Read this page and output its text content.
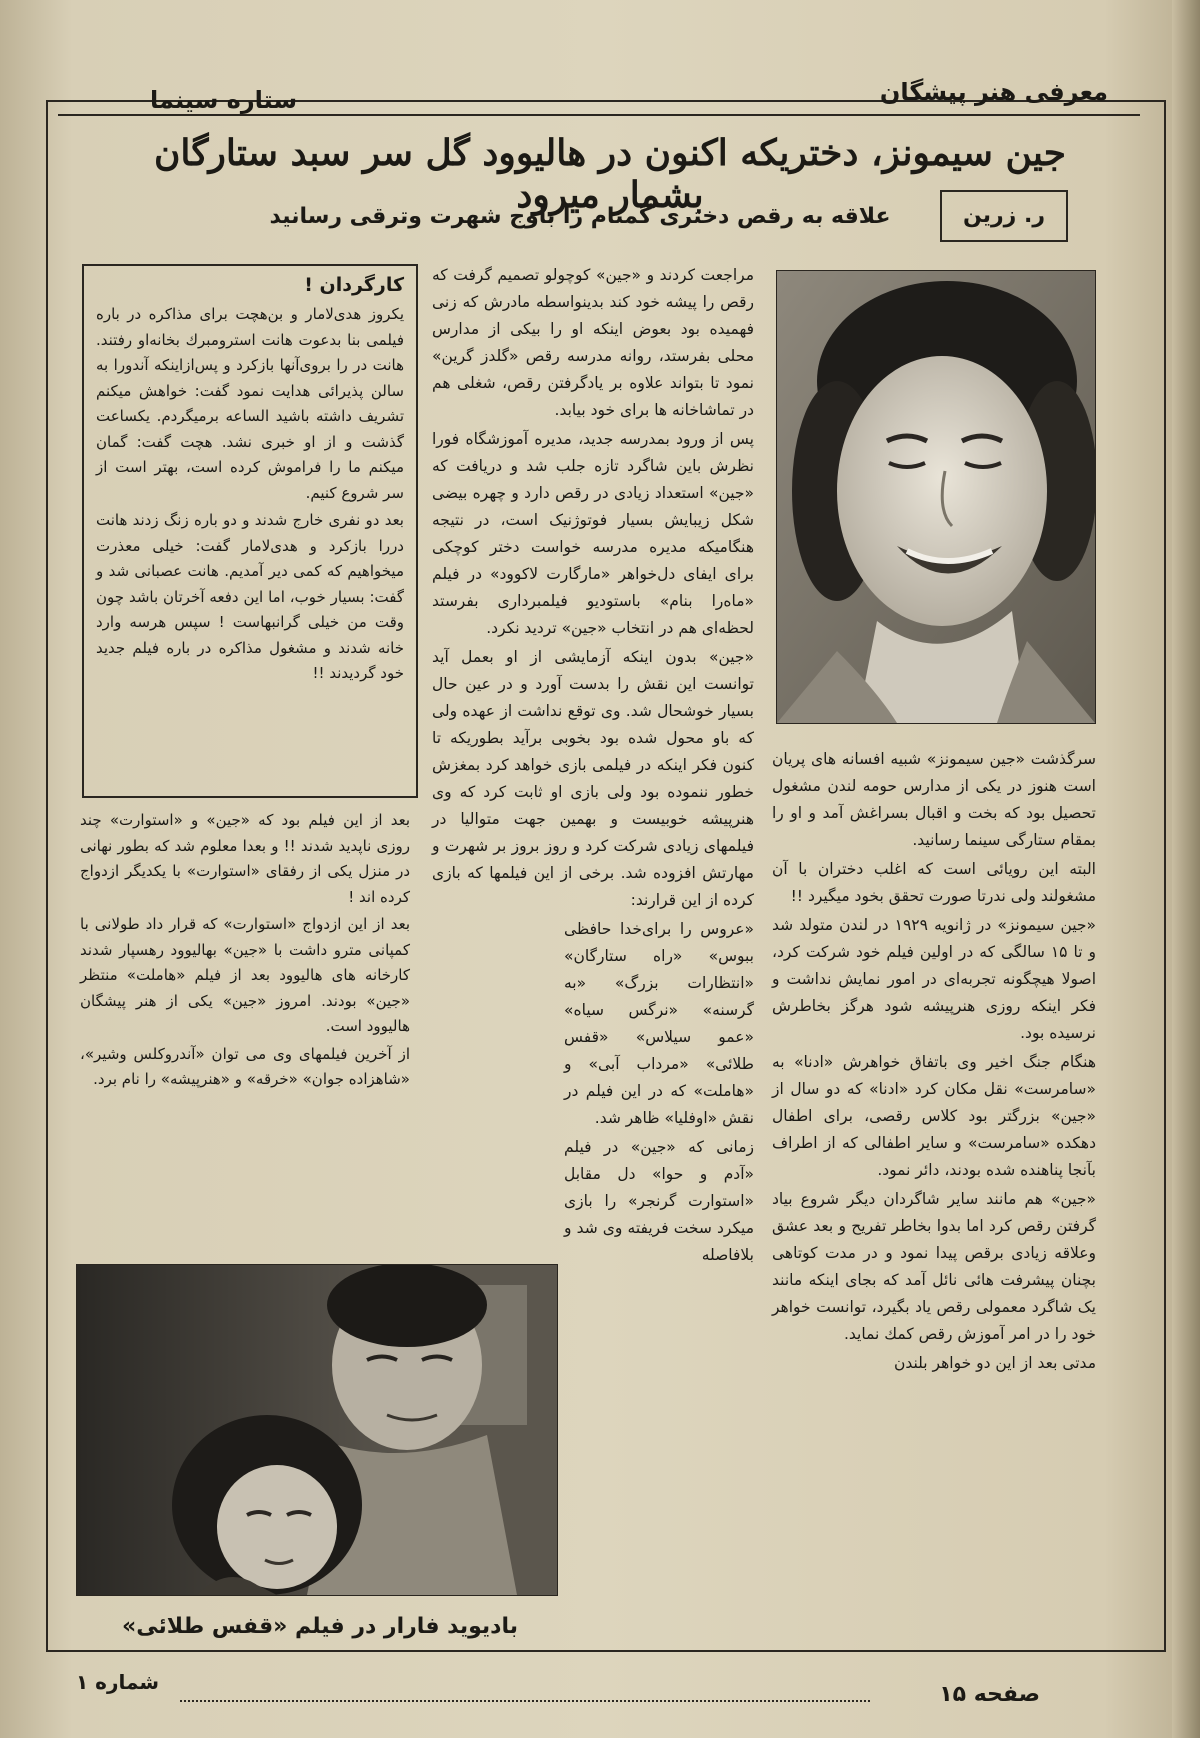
معرفی هنر پیشگان
ستاره سینما
جین سیمونز، دختریکه اکنون در هالیوود گل سر سبد ستارگان بشمار میرود	ر. زرین
علاقه به رقص دختری گمنام را باوج شهرت وترقی رسانید
کارگردان !

یکروز هدی‌لامار و بن‌هچت برای مذاکره در باره فیلمی بنا بدعوت هانت استرومبرك بخانه‌او رفتند. هانت در را بروی‌آنها بازکرد و پس‌ازاینکه آندورا به سالن پذیرائی هدایت نمود گفت: خواهش میکنم تشریف داشته باشید الساعه برمیگردم. یکساعت گذشت و از او خبری نشد. هچت گفت: گمان میکنم ما را فراموش کرده است، بهتر است از سر شروع کنیم.

بعد دو نفری خارج شدند و دو باره زنگ زدند هانت دررا بازکرد و هدی‌لامار گفت: خیلی معذرت میخواهیم که کمی دیر آمدیم. هانت عصبانی شد و گفت: بسیار خوب، اما این دفعه آخرتان باشد چون وقت من خیلی گرانبهاست ! سپس هرسه وارد خانه شدند و مشغول مذاکره در باره فیلم جدید خود گردیدند !!

بعد از این فیلم بود که «جین» و «استوارت» چند روزی ناپدید شدند !! و بعدا معلوم شد که بطور نهانی در منزل یکی از رفقای «استوارت» با یکدیگر ازدواج کرده اند !

بعد از این ازدواج «استوارت» که قرار داد طولانی با کمپانی مترو داشت با «جین» بهالیوود رهسپار شدند کارخانه های هالیوود بعد از فیلم «هاملت» منتظر «جین» بودند. امروز «جین» یکی از هنر پیشگان هالیوود است.

از آخرین فیلمهای وی می توان «آندروکلس وشیر»، «شاهزاده جوان» «خرقه» و «هنرپیشه» را نام برد.

مراجعت کردند و «جین» کوچولو تصمیم گرفت که رقص را پیشه خود کند بدینواسطه مادرش که زنی فهمیده بود بعوض اینکه او را بیکی از مدارس محلی بفرستد، روانه مدرسه رقص «گلدز گرین» نمود تا بتواند علاوه بر یادگرفتن رقص، شغلی هم در تماشاخانه ها برای خود بیابد.

پس از ورود بمدرسه جدید، مدیره آموزشگاه فورا نظرش باین شاگرد تازه جلب شد و دریافت که «جین» استعداد زیادی در رقص دارد و چهره بیضی شکل زیبایش بسیار فوتوژنیک است، در نتیجه هنگامیکه مدیره مدرسه خواست دختر کوچکی برای ایفای دل‌خواهر «مارگارت لاکوود» در فیلم «ماه‌را بنام» باستودیو فیلمبرداری بفرستد لحظه‌ای هم در انتخاب «جین» تردید نکرد.

«جین» بدون اینکه آزمایشی از او بعمل آید توانست این نقش را بدست آورد و در عین حال بسیار خوشحال شد. وی توقع نداشت از عهده ولی که باو محول شده بود بخوبی برآید بطوریکه تا کنون فکر اینکه در فیلمی بازی خواهد کرد بمغزش خطور ننموده بود ولی بازی او ثابت کرد که وی هنرپیشه خوبیست و بهمین جهت متوالیا در فیلمهای زیادی شرکت کرد و روز بروز بر شهرت و مهارتش افزوده شد. برخی از این فیلمها که بازی کرده از این قرارند:

«عروس را برای‌خدا حافظی ببوس» «راه ستارگان» «انتظارات بزرگ» «به گرسنه» «نرگس سیاه» «عمو سیلاس» «قفس طلائی» «مرداب آبی» و «هاملت» که در این فیلم در نقش «اوفلیا» ظاهر شد.

زمانی که «جین» در فیلم «آدم و حوا» دل مقابل «استوارت گرنجر» را بازی میکرد سخت فریفته وی شد و بلافاصله

سرگذشت «جین سیمونز» شبیه افسانه های پریان است هنوز در یکی از مدارس حومه لندن مشغول تحصیل بود که بخت و اقبال بسراغش آمد و او را بمقام ستارگی سینما رسانید.

البته این رویائی است که اغلب دختران با آن مشغولند ولی ندرتا صورت تحقق بخود میگیرد !!

«جین سیمونز» در ژانویه ۱۹۲۹ در لندن متولد شد و تا ۱۵ سالگی که در اولین فیلم خود شرکت کرد، اصولا هیچگونه تجربه‌ای در امور نمایش نداشت و فکر اینکه روزی هنرپیشه شود هرگز بخاطرش نرسیده بود.

هنگام جنگ اخیر وی باتفاق خواهرش «ادنا» به «سامرست» نقل مکان کرد «ادنا» که دو سال از «جین» بزرگتر بود کلاس رقصی، برای اطفال دهکده «سامرست» و سایر اطفالی که از اطراف بآنجا پناهنده شده بودند، دائر نمود.

«جین» هم مانند سایر شاگردان دیگر شروع بیاد گرفتن رقص کرد اما بدوا بخاطر تفریح و بعد عشق وعلاقه زیادی برقص پیدا نمود و در مدت کوتاهی بچنان پیشرفت هائی نائل آمد که بجای اینکه مانند یک شاگرد معمولی رقص یاد بگیرد، توانست خواهر خود را در امر آموزش رقص کمك نماید.

مدتی بعد از این دو خواهر بلندن

بادیوید فارار در فیلم «قفس طلائی»
صفحه ۱۵
شماره ۱
